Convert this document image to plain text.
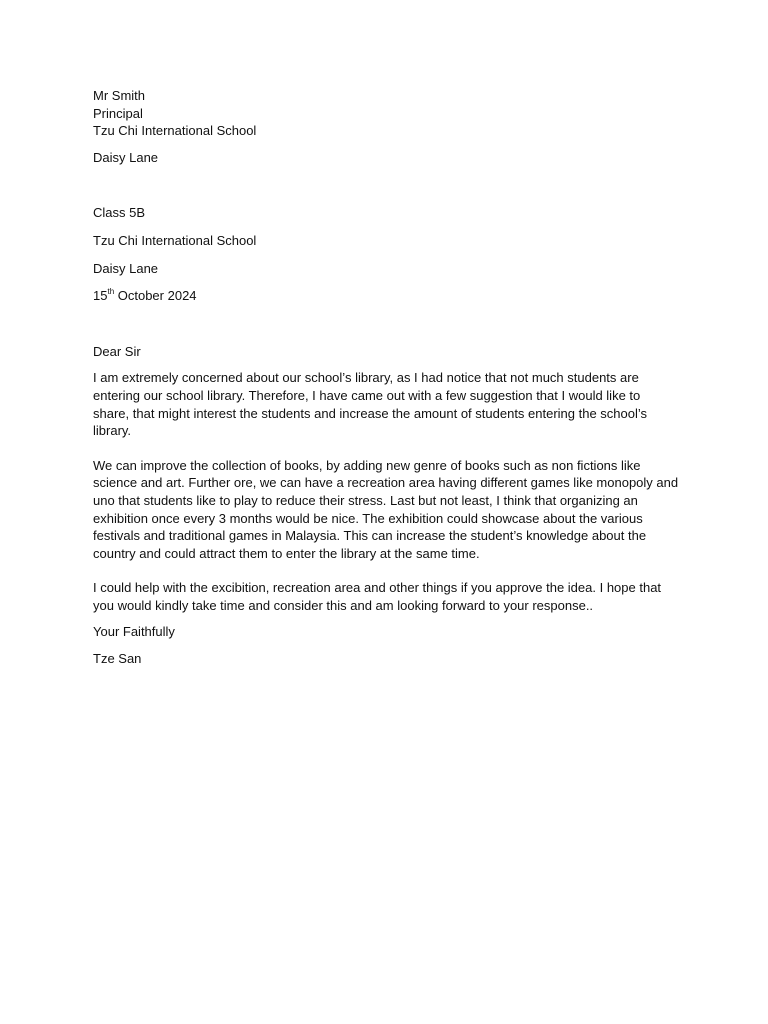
Mr Smith
Principal
Tzu Chi International School
Daisy Lane
Class 5B
Tzu Chi International School
Daisy Lane
15th October 2024
Dear Sir
I am extremely concerned about our school’s library, as I had notice that not much students are
entering our school library. Therefore, I have came out with a few suggestion that I would like to
share, that might interest the students and increase the amount of students entering the school’s
library.
We can improve the collection of books, by adding new genre of books such as non fictions like
science and art. Further ore, we can have a recreation area having different games like monopoly and
uno that students like to play to reduce their stress. Last but not least, I think that organizing an
exhibition once every 3 months would be nice. The exhibition could showcase about the various
festivals and traditional games in Malaysia. This can increase the student’s knowledge about the
country and could attract them to enter the library at the same time.
I could help with the excibition, recreation area and other things if you approve the idea. I hope that
you would kindly take time and consider this and am looking forward to your response..
Your Faithfully
Tze San
